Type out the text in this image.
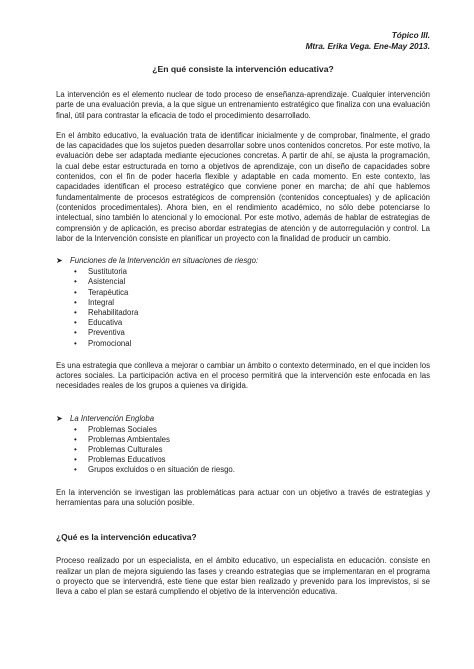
Tópico III.
Mtra. Erika Vega. Ene-May 2013.
¿En qué consiste la intervención educativa?

La intervención es el elemento nuclear de todo proceso de enseñanza-aprendizaje. Cualquier intervención parte de una evaluación previa, a la que sigue un entrenamiento estratégico que finaliza con una evaluación final, útil para contrastar la eficacia de todo el procedimiento desarrollado.

En el ámbito educativo, la evaluación trata de identificar inicialmente y de comprobar, finalmente, el grado de las capacidades que los sujetos pueden desarrollar sobre unos contenidos concretos. Por este motivo, la evaluación debe ser adaptada mediante ejecuciones concretas. A partir de ahí, se ajusta la programación, la cual debe estar estructurada en torno a objetivos de aprendizaje, con un diseño de capacidades sobre contenidos, con el fin de poder hacerla flexible y adaptable en cada momento. En este contexto, las capacidades identifican el proceso estratégico que conviene poner en marcha; de ahí que hablemos fundamentalmente de procesos estratégicos de comprensión (contenidos conceptuales) y de aplicación (contenidos procedimentales). Ahora bien, en el rendimiento académico, no sólo debe potenciarse lo intelectual, sino también lo atencional y lo emocional. Por este motivo, además de hablar de estrategias de comprensión y de aplicación, es preciso abordar estrategias de atención y de autorregulación y control. La labor de la Intervención consiste en planificar un proyecto con la finalidad de producir un cambio.

➤ Funciones de la Intervención en situaciones de riesgo:
• Sustitutoria
• Asistencial
• Terapéutica
• Integral
• Rehabilitadora
• Educativa
• Preventiva
• Promocional

Es una estrategia que conlleva a mejorar o cambiar un ámbito o contexto determinado, en el que inciden los actores sociales. La participación activa en el proceso permitirá que la intervención este enfocada en las necesidades reales de los grupos a quienes va dirigida.

➤ La Intervención Engloba
• Problemas Sociales
• Problemas Ambientales
• Problemas Culturales
• Problemas Educativos
• Grupos excluidos o en situación de riesgo.

En la intervención se investigan las problemáticas para actuar con un objetivo a través de estrategias y herramientas para una solución posible.

¿Qué es la intervención educativa?

Proceso realizado por un especialista, en el ámbito educativo, un especialista en educación. consiste en realizar un plan de mejora siguiendo las fases y creando estrategias que se implementaran en el programa o proyecto que se intervendrá, este tiene que estar bien realizado y prevenido para los imprevistos, si se lleva a cabo el plan se estará cumpliendo el objetivo de la intervención educativa.
